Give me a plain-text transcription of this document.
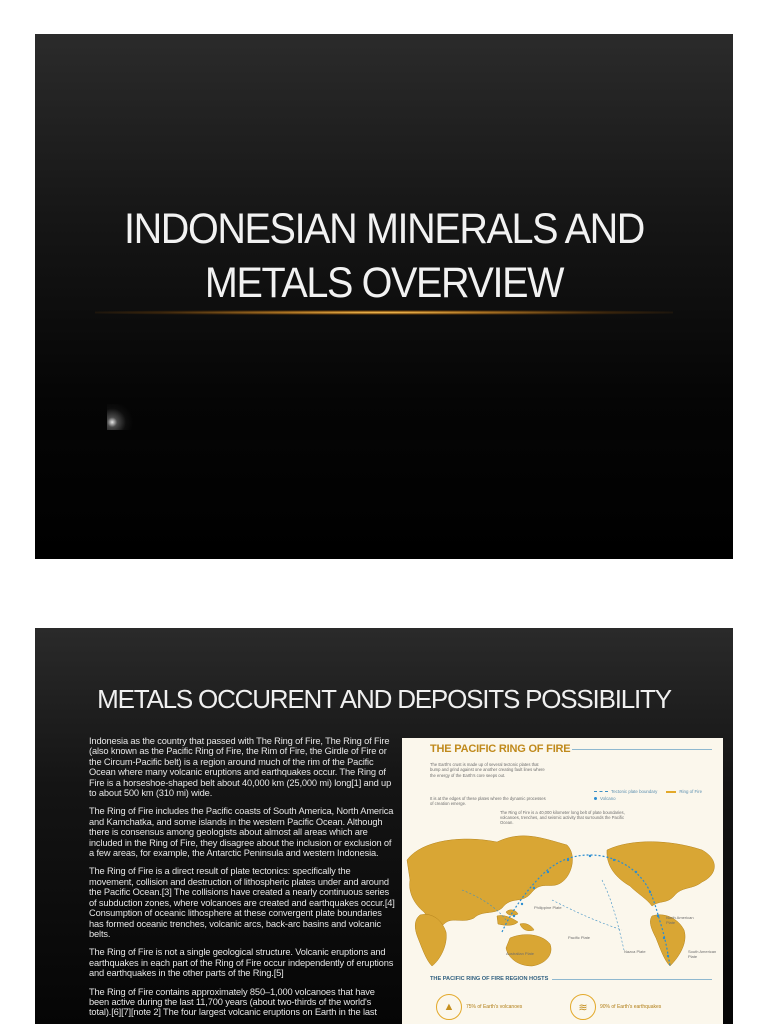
INDONESIAN MINERALS AND
METALS OVERVIEW
METALS OCCURENT AND DEPOSITS POSSIBILITY

Indonesia as the country that passed with The Ring of Fire, The Ring of Fire (also known as the Pacific Ring of Fire, the Rim of Fire, the Girdle of Fire or the Circum-Pacific belt) is a region around much of the rim of the Pacific Ocean where many volcanic eruptions and earthquakes occur. The Ring of Fire is a horseshoe-shaped belt about 40,000 km (25,000 mi) long[1] and up to about 500 km (310 mi) wide.

The Ring of Fire includes the Pacific coasts of South America, North America and Kamchatka, and some islands in the western Pacific Ocean. Although there is consensus among geologists about almost all areas which are included in the Ring of Fire, they disagree about the inclusion or exclusion of a few areas, for example, the Antarctic Peninsula and western Indonesia.

The Ring of Fire is a direct result of plate tectonics: specifically the movement, collision and destruction of lithospheric plates under and around the Pacific Ocean.[3] The collisions have created a nearly continuous series of subduction zones, where volcanoes are created and earthquakes occur.[4] Consumption of oceanic lithosphere at these convergent plate boundaries has formed oceanic trenches, volcanic arcs, back-arc basins and volcanic belts.

The Ring of Fire is not a single geological structure. Volcanic eruptions and earthquakes in each part of the Ring of Fire occur independently of eruptions and earthquakes in the other parts of the Ring.[5]

The Ring of Fire contains approximately 850–1,000 volcanoes that have been active during the last 11,700 years (about two-thirds of the world's total).[6][7][note 2] The four largest volcanic eruptions on Earth in the last

THE PACIFIC RING OF FIRE
The Earth's crust is made up of several tectonic plates that bump and grind against one another creating fault lines where the energy of the Earth's core seeps out.
It is at the edges of these plates where the dynamic processes of creation emerge.
Tectonic plate boundary	Ring of Fire
Volcano
The Ring of Fire is a 40,000 kilometer long belt of plate boundaries, volcanoes, trenches, and seismic activity that surrounds the Pacific Ocean.
Philippine Plate
Pacific Plate
North American Plate
Australian Plate	Nazca Plate	South American Plate
THE PACIFIC RING OF FIRE REGION HOSTS
▲	75% of Earth's volcanoes	≋	90% of Earth's earthquakes
